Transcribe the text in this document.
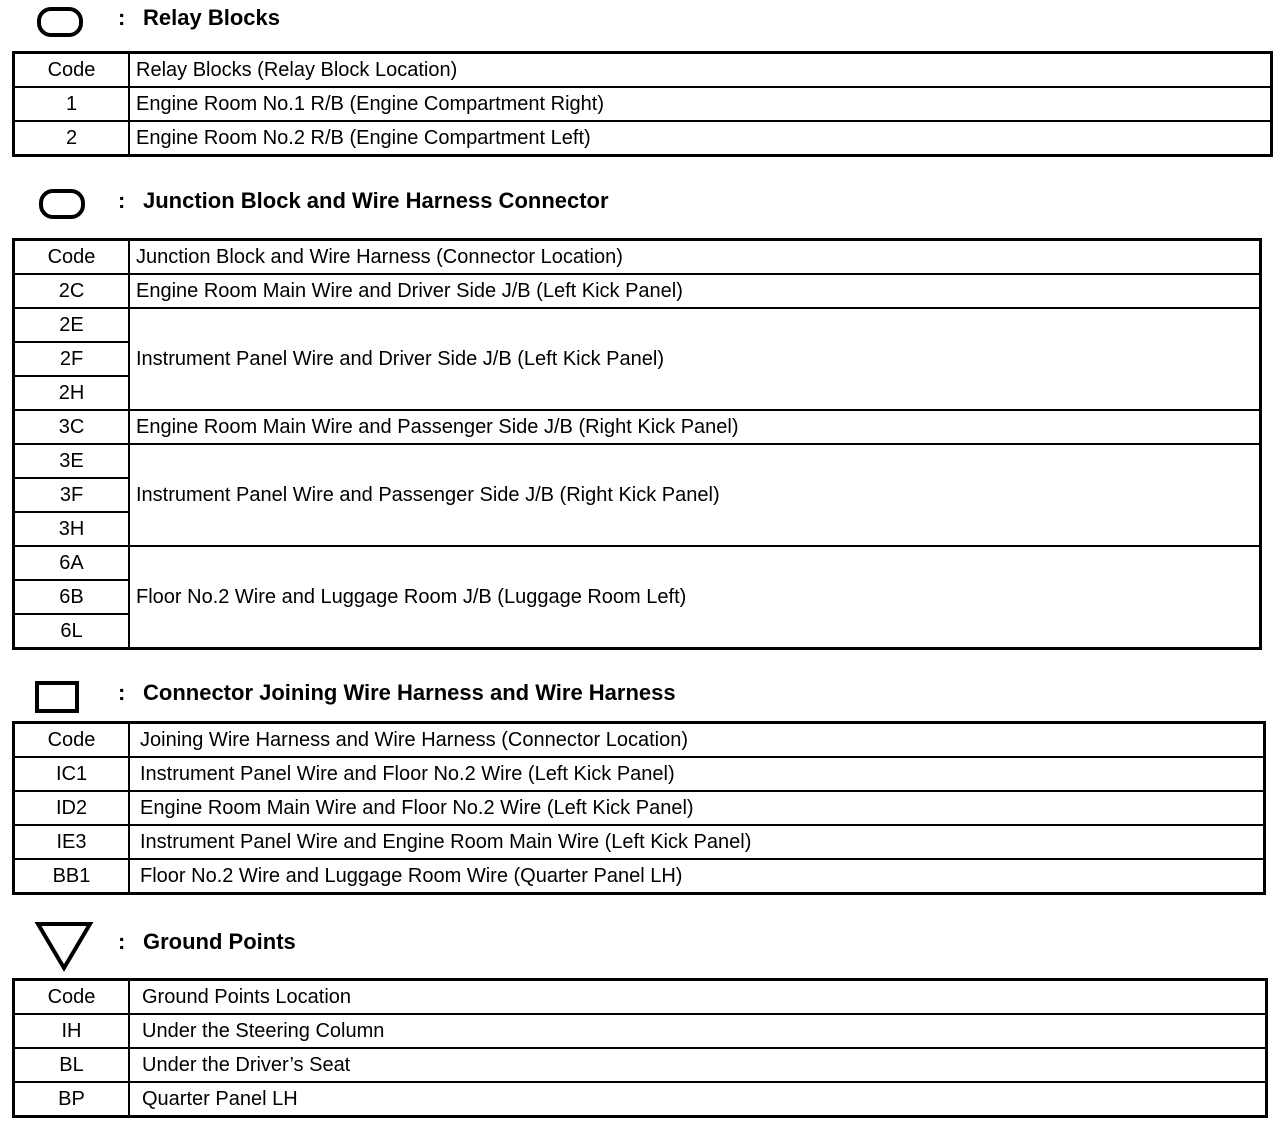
: Relay Blocks
Code	Relay Blocks (Relay Block Location)
1	Engine Room No.1 R/B (Engine Compartment Right)
2	Engine Room No.2 R/B (Engine Compartment Left)
: Junction Block and Wire Harness Connector
Code	Junction Block and Wire Harness (Connector Location)
2C	Engine Room Main Wire and Driver Side J/B (Left Kick Panel)
2E	Instrument Panel Wire and Driver Side J/B (Left Kick Panel)
2F	
2H	
3C	Engine Room Main Wire and Passenger Side J/B (Right Kick Panel)
3E	Instrument Panel Wire and Passenger Side J/B (Right Kick Panel)
3F	
3H	
6A	Floor No.2 Wire and Luggage Room J/B (Luggage Room Left)
6B	
6L	
: Connector Joining Wire Harness and Wire Harness
Code	Joining Wire Harness and Wire Harness (Connector Location)
IC1	Instrument Panel Wire and Floor No.2 Wire (Left Kick Panel)
ID2	Engine Room Main Wire and Floor No.2 Wire (Left Kick Panel)
IE3	Instrument Panel Wire and Engine Room Main Wire (Left Kick Panel)
BB1	Floor No.2 Wire and Luggage Room Wire (Quarter Panel LH)
: Ground Points
Code	Ground Points Location
IH	Under the Steering Column
BL	Under the Driver’s Seat
BP	Quarter Panel LH
